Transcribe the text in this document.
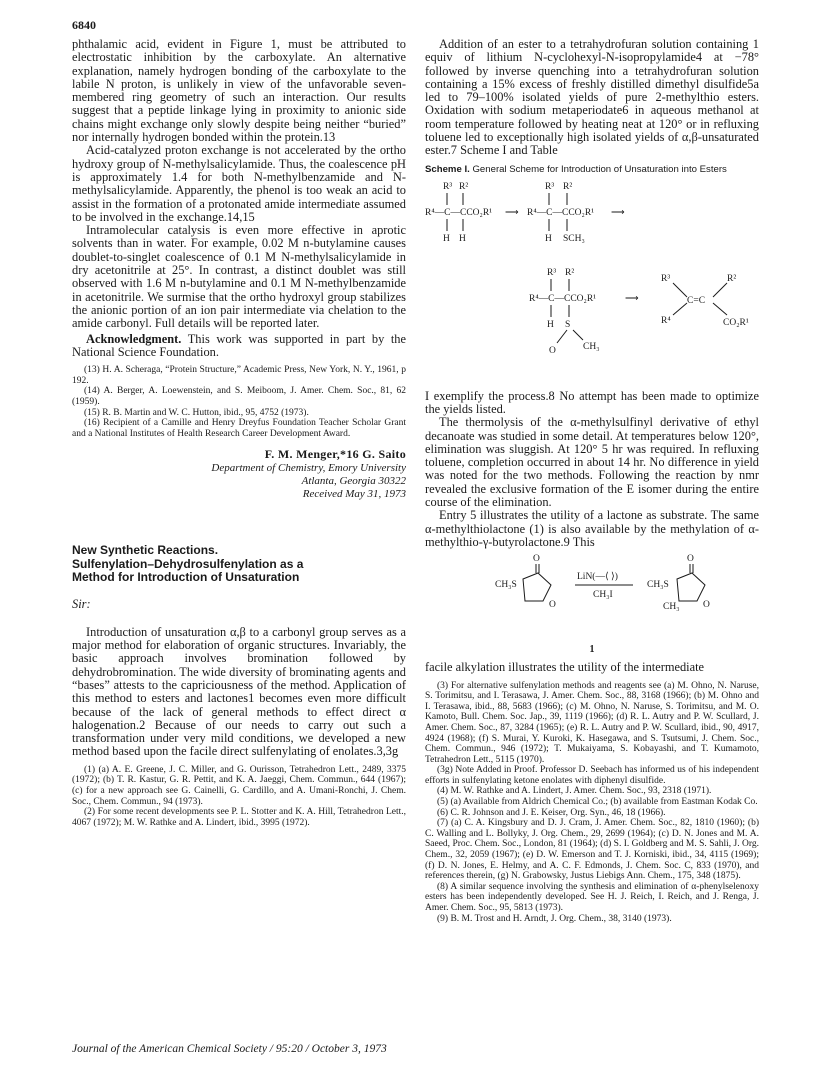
6840

phthalamic acid, evident in Figure 1, must be attributed to electrostatic inhibition by the carboxylate. An alternative explanation, namely hydrogen bonding of the carboxylate to the labile N proton, is unlikely in view of the unfavorable seven-membered ring geometry of such an interaction. Our results suggest that a peptide linkage lying in proximity to anionic side chains might exchange only slowly despite being neither “buried” nor internally hydrogen bonded within the protein.13

Acid-catalyzed proton exchange is not accelerated by the ortho hydroxy group of N-methylsalicylamide. Thus, the coalescence pH is approximately 1.4 for both N-methylbenzamide and N-methylsalicylamide. Apparently, the phenol is too weak an acid to assist in the formation of a protonated amide intermediate assumed to be involved in the exchange.14,15

Intramolecular catalysis is even more effective in aprotic solvents than in water. For example, 0.02 M n-butylamine causes doublet-to-singlet coalescence of 0.1 M N-methylsalicylamide in dry acetonitrile at 25°. In contrast, a distinct doublet was still observed with 1.6 M n-butylamine and 0.1 M N-methylbenzamide in acetonitrile. We surmise that the ortho hydroxyl group stabilizes the anionic portion of an ion pair intermediate via chelation to the amide carbonyl. Full details will be reported later.

Acknowledgment. This work was supported in part by the National Science Foundation.

(13) H. A. Scheraga, “Protein Structure,” Academic Press, New York, N. Y., 1961, p 192.

(14) A. Berger, A. Loewenstein, and S. Meiboom, J. Amer. Chem. Soc., 81, 62 (1959).

(15) R. B. Martin and W. C. Hutton, ibid., 95, 4752 (1973).

(16) Recipient of a Camille and Henry Dreyfus Foundation Teacher Scholar Grant and a National Institutes of Health Research Career Development Award.

F. M. Menger,*16 G. Saito
Department of Chemistry, Emory University
Atlanta, Georgia 30322
Received May 31, 1973
New Synthetic Reactions.
Sulfenylation–Dehydrosulfenylation as a
Method for Introduction of Unsaturation
Sir:

Introduction of unsaturation α,β to a carbonyl group serves as a major method for elaboration of organic structures. Invariably, the basic approach involves bromination followed by dehydrobromination. The wide diversity of brominating agents and “bases” attests to the capriciousness of the method. Application of this method to esters and lactones1 becomes even more difficult because of the lack of general methods to effect direct α halogenation.2 Because of our needs to carry out such a transformation under very mild conditions, we developed a new method based upon the facile direct sulfenylating of enolates.3,3g

(1) (a) A. E. Greene, J. C. Miller, and G. Ourisson, Tetrahedron Lett., 2489, 3375 (1972); (b) T. R. Kastur, G. R. Pettit, and K. A. Jaeggi, Chem. Commun., 644 (1967); (c) for a new approach see G. Cainelli, G. Cardillo, and A. Umani-Ronchi, J. Chem. Soc., Chem. Commun., 94 (1973).

(2) For some recent developments see P. L. Stotter and K. A. Hill, Tetrahedron Lett., 4067 (1972); M. W. Rathke and A. Lindert, ibid., 3995 (1972).

Addition of an ester to a tetrahydrofuran solution containing 1 equiv of lithium N-cyclohexyl-N-isopropylamide4 at −78° followed by inverse quenching into a tetrahydrofuran solution containing a 15% excess of freshly distilled dimethyl disulfide5a led to 79–100% isolated yields of pure 2-methylthio esters. Oxidation with sodium metaperiodate6 in aqueous methanol at room temperature followed by heating neat at 120° or in refluxing toluene led to exceptionally high isolated yields of α,β-unsaturated ester.7 Scheme I and Table

Scheme I. General Scheme for Introduction of Unsaturation into Esters
R³ R²
R⁴—C—CCO₂R¹
H H
⟶
R³ R²
R⁴—C—CCO₂R¹
H SCH₃
⟶
R³ R²
R⁴—C—CCO₂R¹
H S
O	CH₃
⟶
R³
R⁴
C=C
R²
CO₂R¹

I exemplify the process.8 No attempt has been made to optimize the yields listed.

The thermolysis of the α-methylsulfinyl derivative of ethyl decanoate was studied in some detail. At temperatures below 120°, elimination was sluggish. At 120° 5 hr was required. In refluxing toluene, completion occurred in about 14 hr. No difference in yield was noted for the two methods. Following the reaction by nmr revealed the exclusive formation of the E isomer during the entire course of the elimination.

Entry 5 illustrates the utility of a lactone as substrate. The same α-methylthiolactone (1) is also available by the methylation of α-methylthio-γ-butyrolactone.9 This

O
CH₃S
O
LiN(—⟨ ⟩)
CH₃I
O
CH₃S
CH₃ O
1

facile alkylation illustrates the utility of the intermediate

(3) For alternative sulfenylation methods and reagents see (a) M. Ohno, N. Naruse, S. Torimitsu, and I. Terasawa, J. Amer. Chem. Soc., 88, 3168 (1966); (b) M. Ohno and I. Terasawa, ibid., 88, 5683 (1966); (c) M. Ohno, N. Naruse, S. Torimitsu, and M. O. Kamoto, Bull. Chem. Soc. Jap., 39, 1119 (1966); (d) R. L. Autry and P. W. Scullard, J. Amer. Chem. Soc., 87, 3284 (1965); (e) R. L. Autry and P. W. Scullard, ibid., 90, 4917, 4924 (1968); (f) S. Murai, Y. Kuroki, K. Hasegawa, and S. Tsutsumi, J. Chem. Soc., Chem. Commun., 946 (1972); T. Mukaiyama, S. Kobayashi, and T. Kumamoto, Tetrahedron Lett., 5115 (1970).

(3g) Note Added in Proof. Professor D. Seebach has informed us of his independent efforts in sulfenylating ketone enolates with diphenyl disulfide.

(4) M. W. Rathke and A. Lindert, J. Amer. Chem. Soc., 93, 2318 (1971).

(5) (a) Available from Aldrich Chemical Co.; (b) available from Eastman Kodak Co.

(6) C. R. Johnson and J. E. Keiser, Org. Syn., 46, 18 (1966).

(7) (a) C. A. Kingsbury and D. J. Cram, J. Amer. Chem. Soc., 82, 1810 (1960); (b) C. Walling and L. Bollyky, J. Org. Chem., 29, 2699 (1964); (c) D. N. Jones and M. A. Saeed, Proc. Chem. Soc., London, 81 (1964); (d) S. I. Goldberg and M. S. Sahli, J. Org. Chem., 32, 2059 (1967); (e) D. W. Emerson and T. J. Korniski, ibid., 34, 4115 (1969); (f) D. N. Jones, E. Helmy, and A. C. F. Edmonds, J. Chem. Soc. C, 833 (1970), and references therein, (g) N. Grabowsky, Justus Liebigs Ann. Chem., 175, 348 (1875).

(8) A similar sequence involving the synthesis and elimination of α-phenylselenoxy esters has been independently developed. See H. J. Reich, I. Reich, and J. Renga, J. Amer. Chem. Soc., 95, 5813 (1973).

(9) B. M. Trost and H. Arndt, J. Org. Chem., 38, 3140 (1973).

Journal of the American Chemical Society / 95:20 / October 3, 1973
